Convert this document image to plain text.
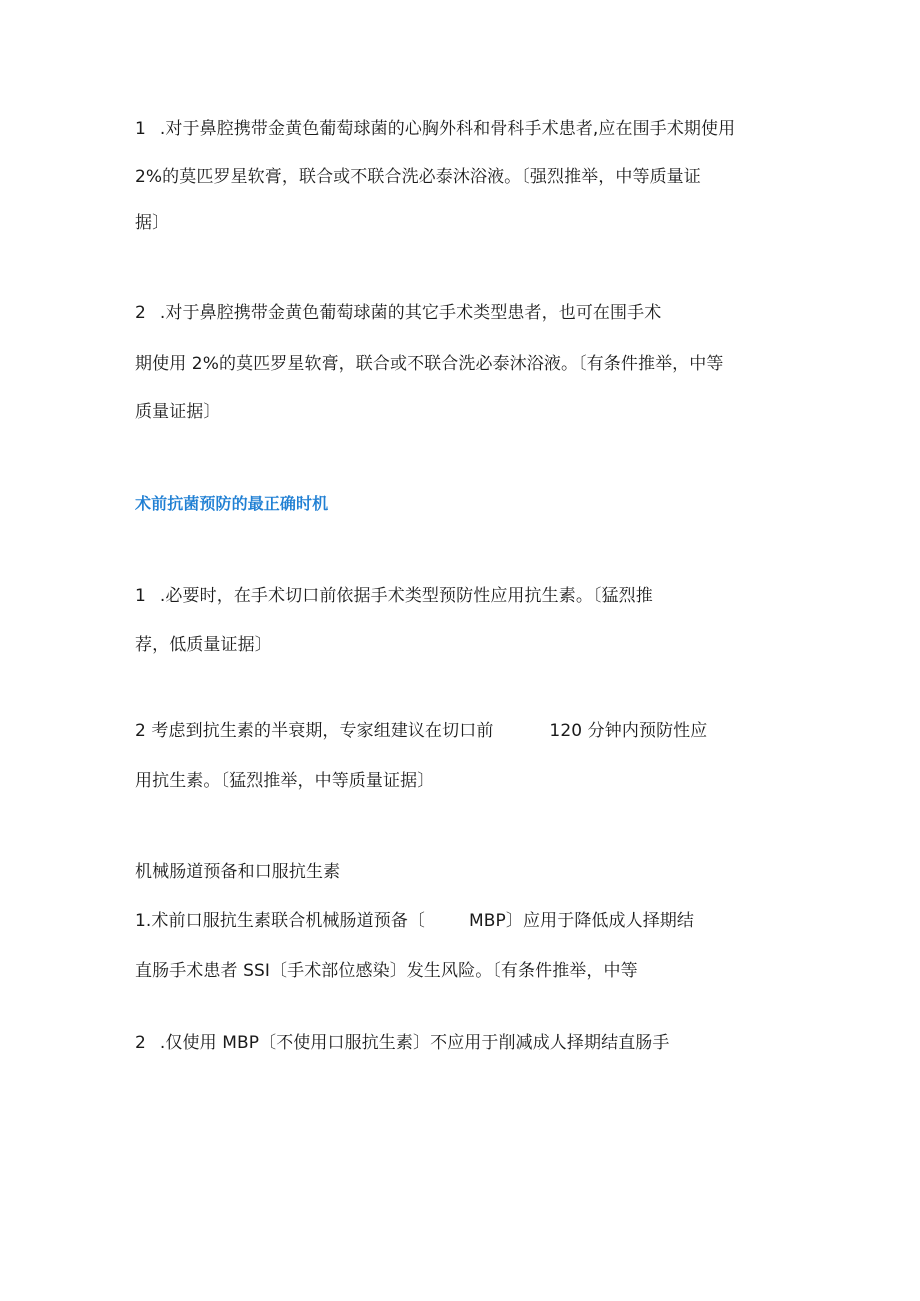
1 .对于鼻腔携带金黄色葡萄球菌的心胸外科和骨科手术患者,应在围手术期使用
2%的莫匹罗星软膏，联合或不联合洗必泰沐浴液。〔强烈推举，中等质量证
据〕
2 .对于鼻腔携带金黄色葡萄球菌的其它手术类型患者，也可在围手术
期使用 2%的莫匹罗星软膏，联合或不联合洗必泰沐浴液。〔有条件推举，中等
质量证据〕
术前抗菌预防的最正确时机
1 .必要时，在手术切口前依据手术类型预防性应用抗生素。〔猛烈推
荐，低质量证据〕
2 考虑到抗生素的半衰期，专家组建议在切口前	120 分钟内预防性应
用抗生素。〔猛烈推举，中等质量证据〕
机械肠道预备和口服抗生素
1.术前口服抗生素联合机械肠道预备〔	MBP〕应用于降低成人择期结
直肠手术患者 SSI〔手术部位感染〕发生风险。〔有条件推举，中等
2 .仅使用 MBP〔不使用口服抗生素〕不应用于削减成人择期结直肠手
